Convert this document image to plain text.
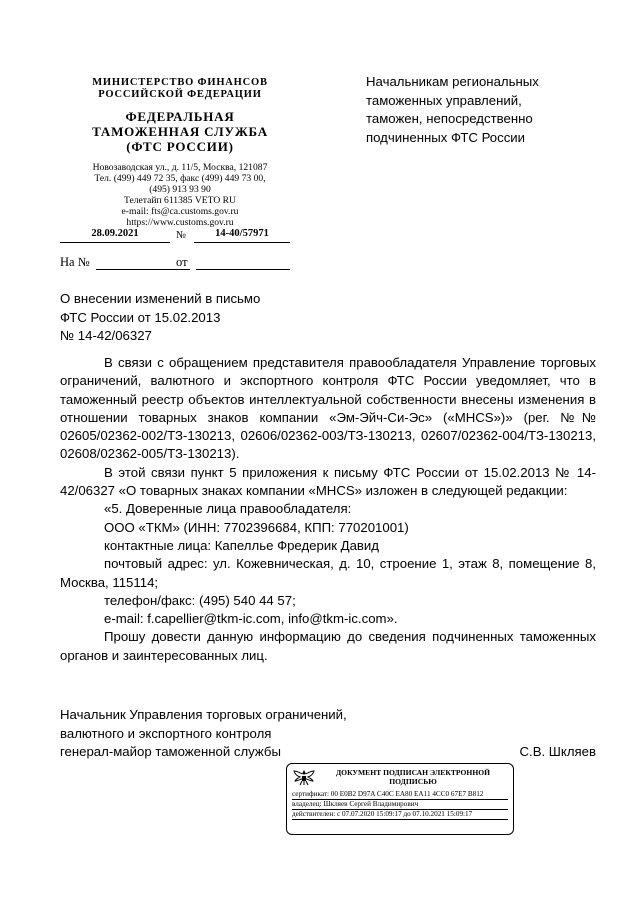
МИНИСТЕРСТВО ФИНАНСОВ
РОССИЙСКОЙ ФЕДЕРАЦИИ
ФЕДЕРАЛЬНАЯ
ТАМОЖЕННАЯ СЛУЖБА
(ФТС РОССИИ)
Новозаводская ул., д. 11/5, Москва, 121087
Тел. (499) 449 72 35, факс (499) 449 73 00,
(495) 913 93 90
Телетайп 611385 VETO RU
e-mail: fts@ca.customs.gov.ru
https://www.customs.gov.ru
28.09.2021	№	14-40/57971
На №	от
Начальникам региональных
таможенных управлений,
таможен, непосредственно
подчиненных ФТС России
О внесении изменений в письмо
ФТС России от 15.02.2013
№ 14-42/06327

В связи с обращением представителя правообладателя Управление торговых ограничений, валютного и экспортного контроля ФТС России уведомляет, что в таможенный реестр объектов интеллектуальной собственности внесены изменения в отношении товарных знаков компании «Эм-Эйч-Си-Эс» («MHCS»)» (рег. №№ 02605/02362-002/ТЗ-130213, 02606/02362-003/ТЗ-130213, 02607/02362-004/ТЗ-130213, 02608/02362-005/ТЗ-130213).

В этой связи пункт 5 приложения к письму ФТС России от 15.02.2013 № 14-42/06327 «О товарных знаках компании «MHCS» изложен в следующей редакции:

«5. Доверенные лица правообладателя:

ООО «ТКМ» (ИНН: 7702396684, КПП: 770201001)

контактные лица: Капеллье Фредерик Давид

почтовый адрес: ул. Кожевническая, д. 10, строение 1, этаж 8, помещение 8, Москва, 115114;

телефон/факс: (495) 540 44 57;

e-mail: f.capellier@tkm-ic.com, info@tkm-ic.com».

Прошу довести данную информацию до сведения подчиненных таможенных органов и заинтересованных лиц.

Начальник Управления торговых ограничений,
валютного и экспортного контроля
генерал-майор таможенной службы	С.В. Шкляев
ДОКУМЕНТ ПОДПИСАН ЭЛЕКТРОННОЙ ПОДПИСЬЮ
сертификат: 00 E0B2 D97A C40C EA80 EA11 4CC0 67E7 B812
владелец: Шкляев Сергей Владимирович
действителен: с 07.07.2020 15:09:17 до 07.10.2021 15:09:17
